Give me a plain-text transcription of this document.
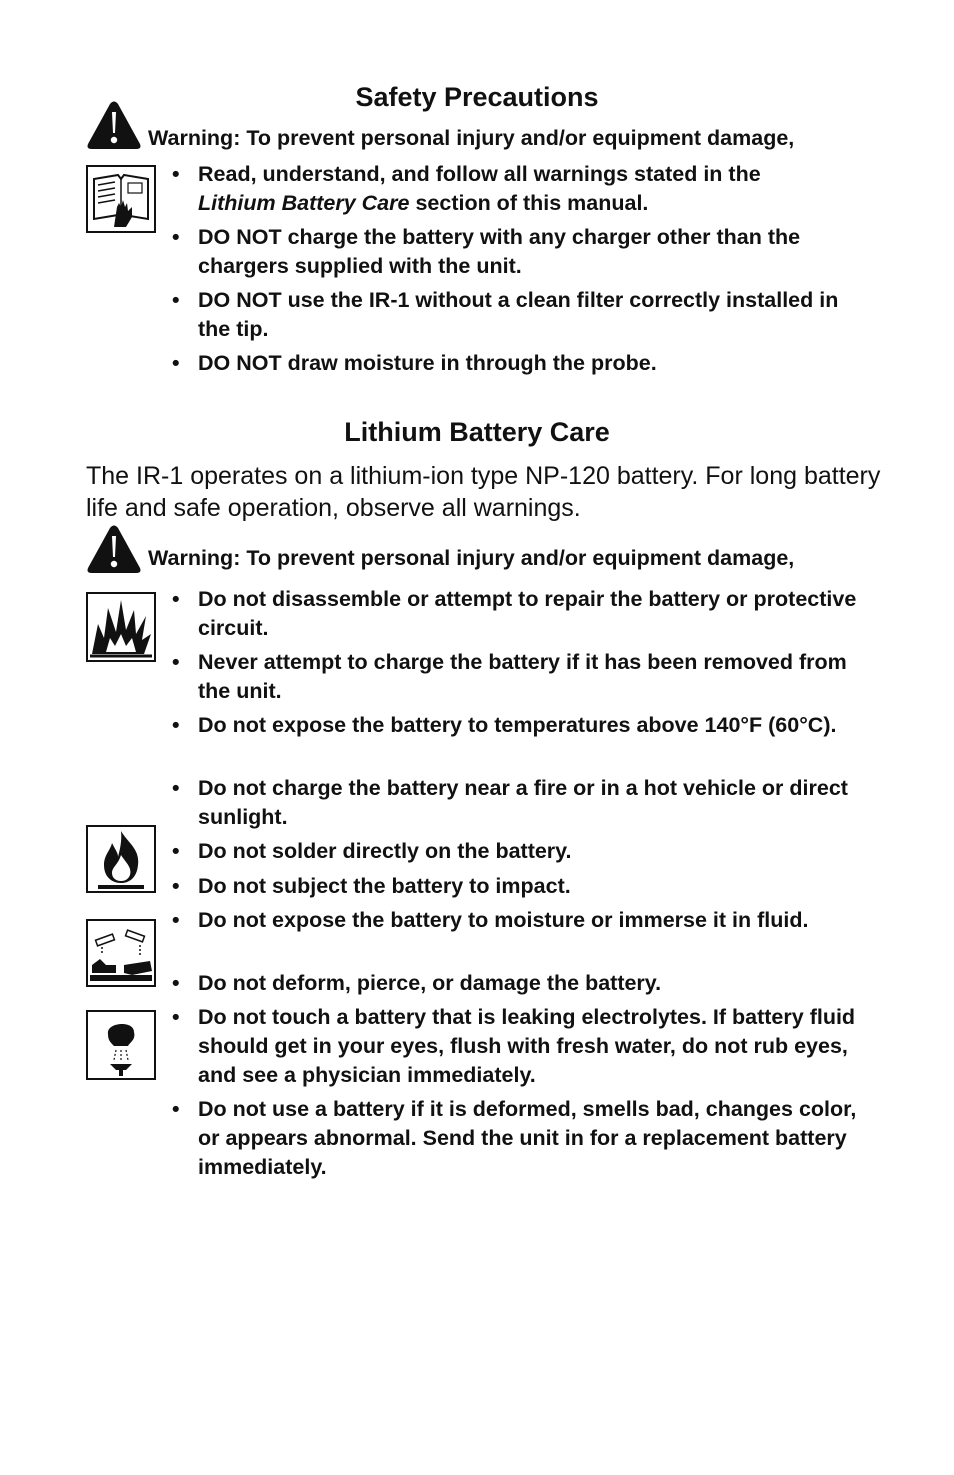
Safety Precautions
Warning: To prevent personal injury and/or equipment damage,
• Read, understand, and follow all warnings stated in the
Lithium Battery Care section of this manual.
• DO NOT charge the battery with any charger other than the chargers supplied with the unit.
• DO NOT use the IR-1 without a clean filter correctly installed in the tip.
• DO NOT draw moisture in through the probe.
Lithium Battery Care

The IR-1 operates on a lithium-ion type NP-120 battery. For long battery life and safe operation, observe all warnings.

Warning: To prevent personal injury and/or equipment damage,
• Do not disassemble or attempt to repair the battery or protective circuit.
• Never attempt to charge the battery if it has been removed from the unit.
• Do not expose the battery to temperatures above 140°F (60°C).
• Do not charge the battery near a fire or in a hot vehicle or direct sunlight.
• Do not solder directly on the battery.
• Do not subject the battery to impact.
• Do not expose the battery to moisture or immerse it in fluid.
• Do not deform, pierce, or damage the battery.
• Do not touch a battery that is leaking electrolytes. If battery fluid should get in your eyes, flush with fresh water, do not rub eyes, and see a physician immediately.
• Do not use a battery if it is deformed, smells bad, changes color, or appears abnormal. Send the unit in for a replacement battery immediately.
